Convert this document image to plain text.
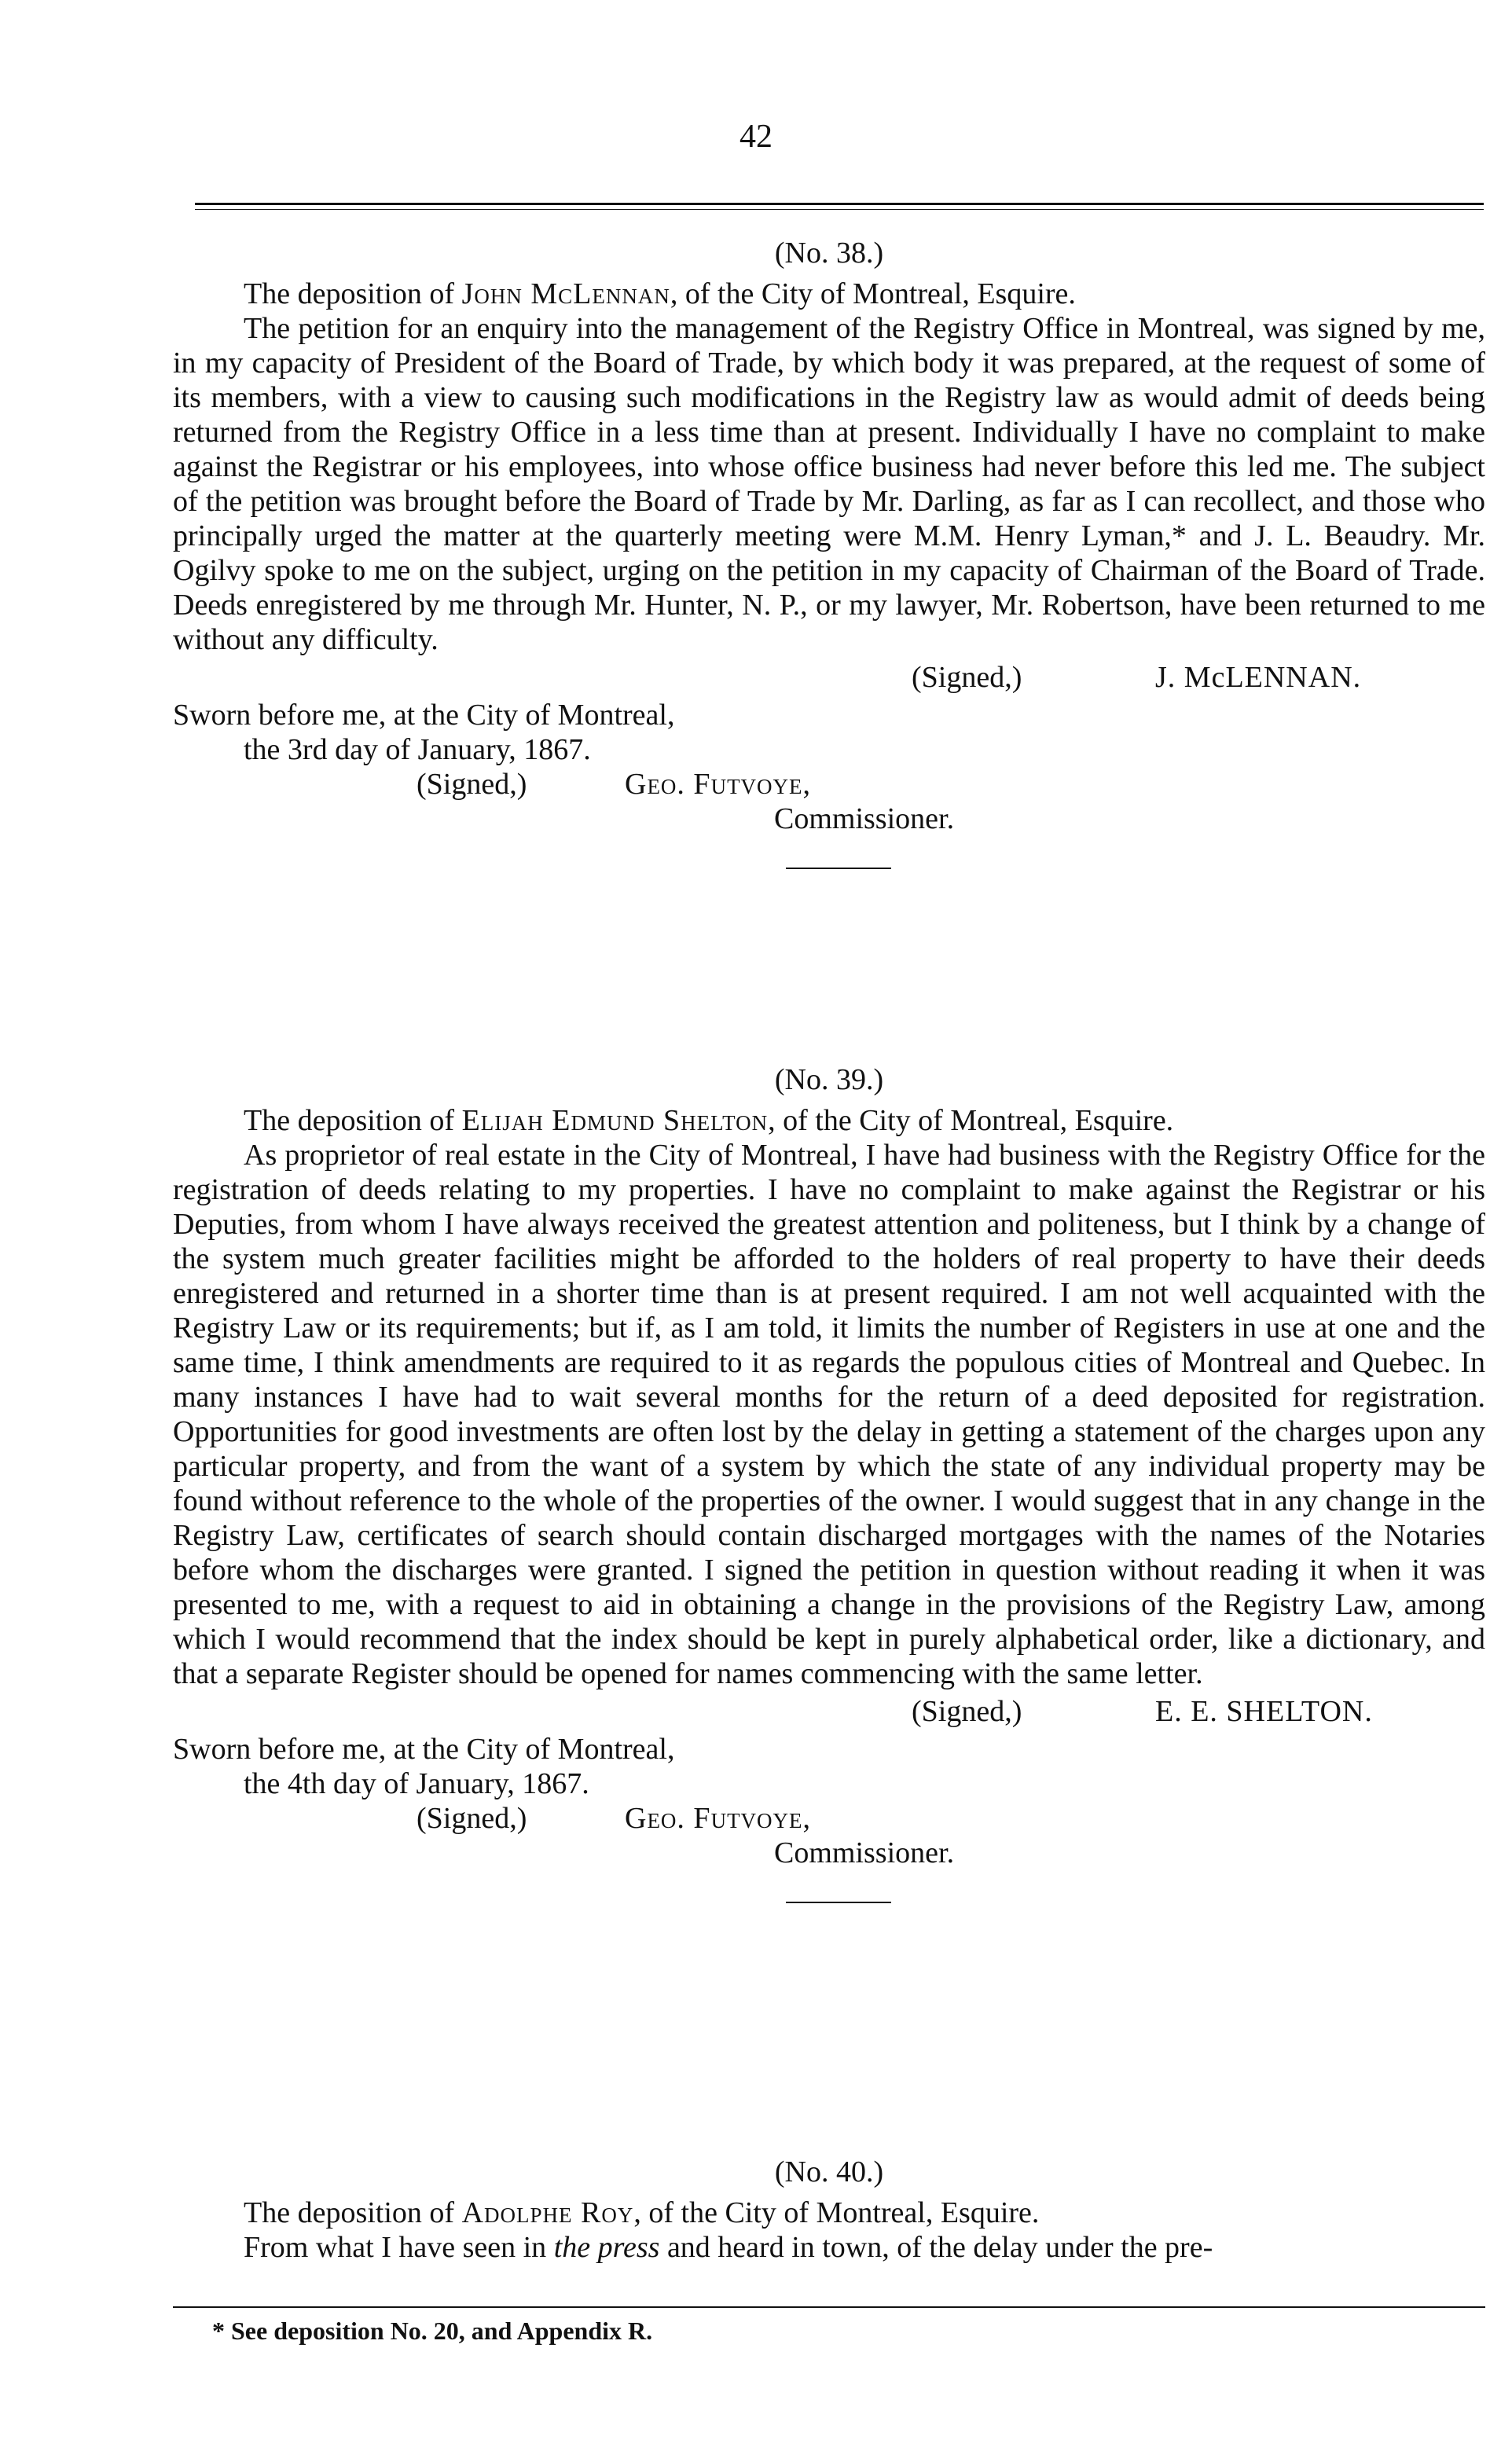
42

(No. 38.)

The deposition of John McLennan, of the City of Montreal, Esquire.

The petition for an enquiry into the management of the Registry Office in Montreal, was signed by me, in my capacity of President of the Board of Trade, by which body it was prepared, at the request of some of its members, with a view to causing such modifications in the Registry law as would admit of deeds being returned from the Registry Office in a less time than at present. Individually I have no complaint to make against the Registrar or his employees, into whose office business had never before this led me. The subject of the petition was brought before the Board of Trade by Mr. Darling, as far as I can recollect, and those who principally urged the matter at the quarterly meeting were M.M. Henry Lyman,* and J. L. Beaudry. Mr. Ogilvy spoke to me on the subject, urging on the petition in my capacity of Chairman of the Board of Trade. Deeds enregistered by me through Mr. Hunter, N. P., or my lawyer, Mr. Robertson, have been returned to me without any difficulty.

(Signed,)	J. McLENNAN.

Sworn before me, at the City of Montreal,

the 3rd day of January, 1867.

(Signed,)	Geo. Futvoye,
Commissioner.

(No. 39.)

The deposition of Elijah Edmund Shelton, of the City of Montreal, Esquire.

As proprietor of real estate in the City of Montreal, I have had business with the Registry Office for the registration of deeds relating to my properties. I have no complaint to make against the Registrar or his Deputies, from whom I have always received the greatest attention and politeness, but I think by a change of the system much greater facilities might be afforded to the holders of real property to have their deeds enregistered and returned in a shorter time than is at present required. I am not well acquainted with the Registry Law or its requirements; but if, as I am told, it limits the number of Registers in use at one and the same time, I think amendments are required to it as regards the populous cities of Montreal and Quebec. In many instances I have had to wait several months for the return of a deed deposited for registration. Opportunities for good investments are often lost by the delay in getting a statement of the charges upon any particular property, and from the want of a system by which the state of any individual property may be found without reference to the whole of the properties of the owner. I would suggest that in any change in the Registry Law, certificates of search should contain discharged mortgages with the names of the Notaries before whom the discharges were granted. I signed the petition in question without reading it when it was presented to me, with a request to aid in obtaining a change in the provisions of the Registry Law, among which I would recommend that the index should be kept in purely alphabetical order, like a dictionary, and that a separate Register should be opened for names commencing with the same letter.

(Signed,)	E. E. SHELTON.

Sworn before me, at the City of Montreal,

the 4th day of January, 1867.

(Signed,)	Geo. Futvoye,
Commissioner.

(No. 40.)

The deposition of Adolphe Roy, of the City of Montreal, Esquire.

From what I have seen in the press and heard in town, of the delay under the pre-

* See deposition No. 20, and Appendix R.
